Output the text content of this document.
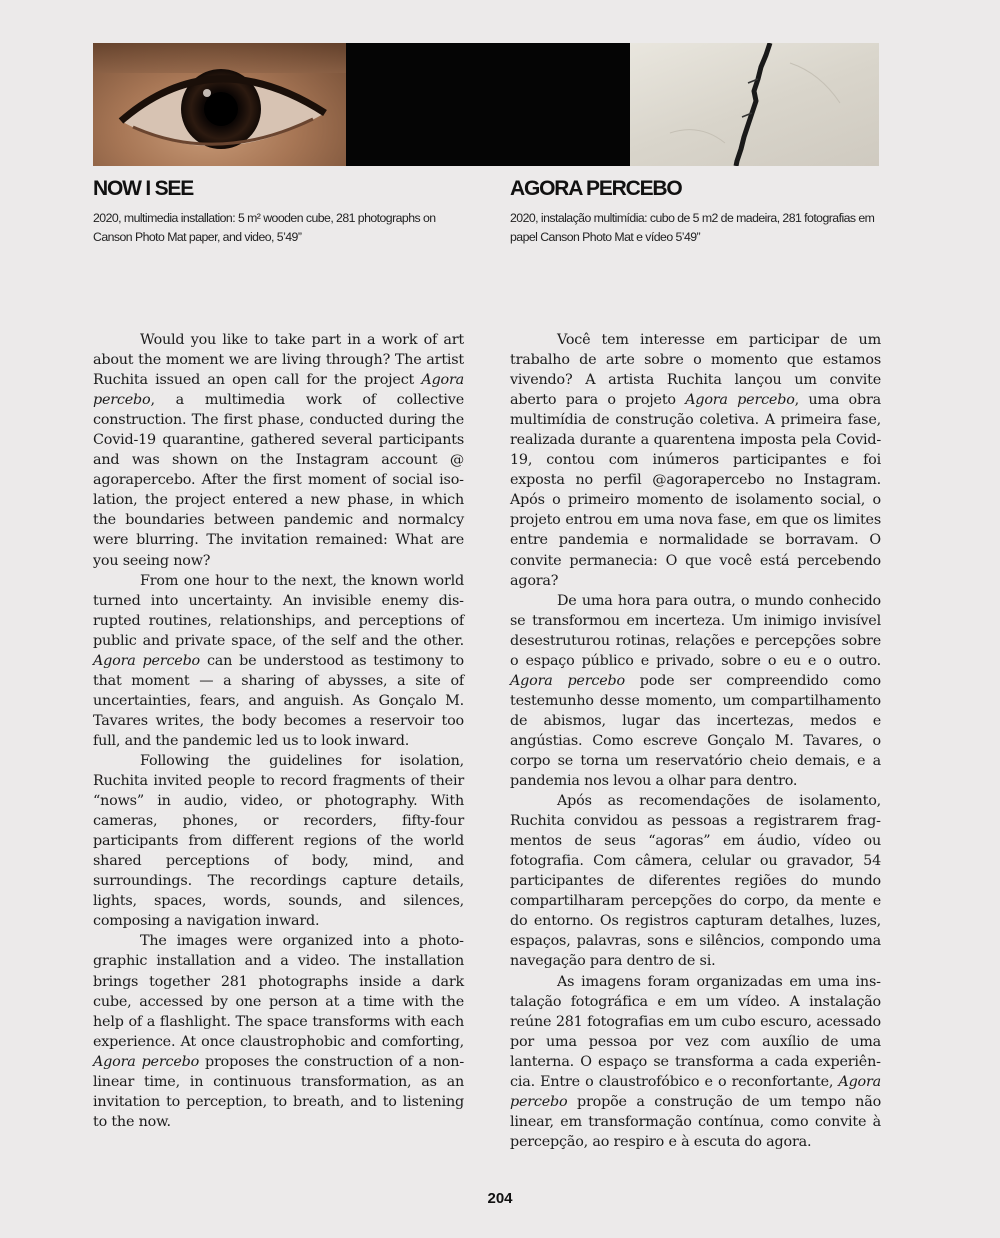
NOW I SEE

2020, multimedia installation: 5 m² wooden cube, 281 photographs on Canson Photo Mat paper, and video, 5’49”

AGORA PERCEBO

2020, instalação multimídia: cubo de 5 m2 de madeira, 281 fotografias em papel Canson Photo Mat e vídeo 5’49”

Would you like to take part in a work of art about the moment we are living through? The artist Ruchita issued an open call for the project Agora percebo, a multimedia work of collective construction. The first phase, conducted during the Covid-19 quarantine, gathered several participants and was shown on the Instagram account @ agorapercebo. After the first moment of social isolation, the project entered a new phase, in which the boundaries between pandemic and normalcy were blurring. The invitation remained: What are you seeing now?

From one hour to the next, the known world turned into uncertainty. An invisible enemy disrupted routines, relationships, and perceptions of public and private space, of the self and the other. Agora percebo can be understood as testimony to that moment — a sharing of abysses, a site of uncertainties, fears, and anguish. As Gonçalo M. Tavares writes, the body becomes a reservoir too full, and the pandemic led us to look inward.

Following the guidelines for isolation, Ruchita invited people to record fragments of their “nows” in audio, video, or photography. With cameras, phones, or recorders, fifty-four participants from different regions of the world shared perceptions of body, mind, and surroundings. The recordings capture details, lights, spaces, words, sounds, and silences, composing a navigation inward.

The images were organized into a photographic installation and a video. The installation brings together 281 photographs inside a dark cube, accessed by one person at a time with the help of a flashlight. The space transforms with each experience. At once claustrophobic and comforting, Agora percebo proposes the construction of a non-linear time, in continuous transformation, as an invitation to perception, to breath, and to listening to the now.

Você tem interesse em participar de um trabalho de arte sobre o momento que estamos vivendo? A artista Ruchita lançou um convite aberto para o projeto Agora percebo, uma obra multimídia de construção coletiva. A primeira fase, realizada durante a quarentena imposta pela Covid-19, contou com inúmeros participantes e foi exposta no perfil @agorapercebo no Instagram. Após o primeiro momento de isolamento social, o projeto entrou em uma nova fase, em que os limites entre pandemia e normalidade se borravam. O convite permanecia: O que você está percebendo agora?

De uma hora para outra, o mundo conhecido se transformou em incerteza. Um inimigo invisível desestruturou rotinas, relações e percepções sobre o espaço público e privado, sobre o eu e o outro. Agora percebo pode ser compreendido como testemunho desse momento, um compartilhamento de abismos, lugar das incertezas, medos e angústias. Como escreve Gonçalo M. Tavares, o corpo se torna um reservatório cheio demais, e a pandemia nos levou a olhar para dentro.

Após as recomendações de isolamento, Ruchita convidou as pessoas a registrarem fragmentos de seus “agoras” em áudio, vídeo ou fotografia. Com câmera, celular ou gravador, 54 participantes de diferentes regiões do mundo compartilharam percepções do corpo, da mente e do entorno. Os registros capturam detalhes, luzes, espaços, palavras, sons e silêncios, compondo uma navegação para dentro de si.

As imagens foram organizadas em uma instalação fotográfica e em um vídeo. A instalação reúne 281 fotografias em um cubo escuro, acessado por uma pessoa por vez com auxílio de uma lanterna. O espaço se transforma a cada experiência. Entre o claustrofóbico e o reconfortante, Agora percebo propõe a construção de um tempo não linear, em transformação contínua, como convite à percepção, ao respiro e à escuta do agora.

204
